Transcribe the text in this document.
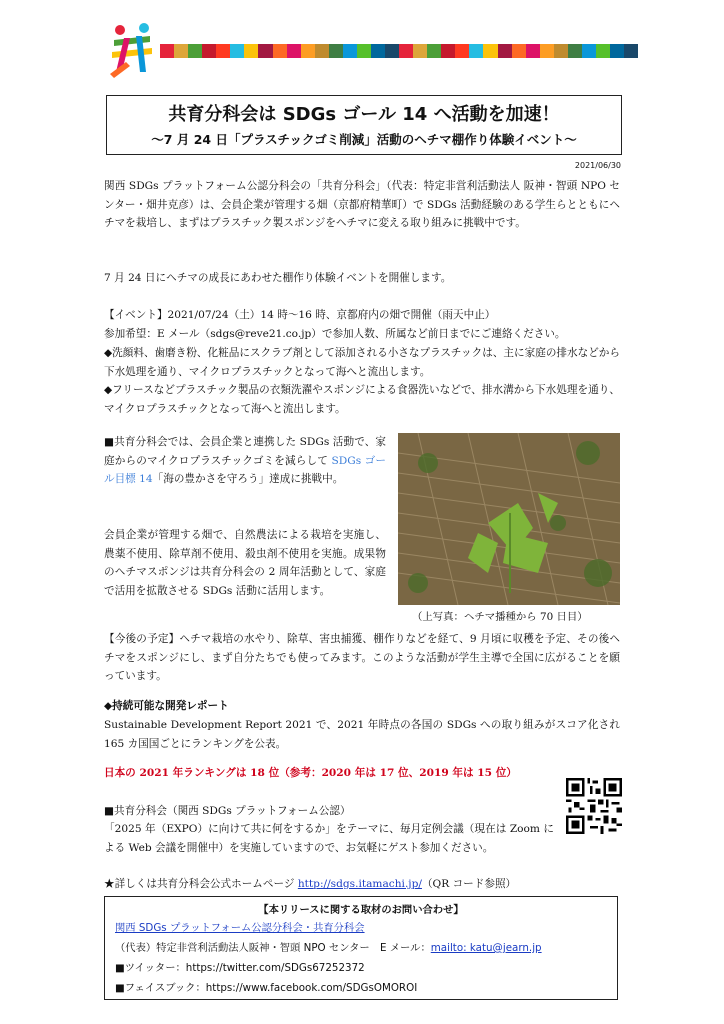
共育分科会は SDGs ゴール 14 へ活動を加速！
～7 月 24 日「プラスチックゴミ削減」活動のヘチマ棚作り体験イベント～
2021/06/30
関西 SDGs プラットフォーム公認分科会の「共育分科会」（代表：特定非営利活動法人 阪神・智頭 NPO センター・畑井克彦）は、会員企業が管理する畑（京都府精華町）で SDGs 活動経験のある学生らとともにヘチマを栽培し、まずはプラスチック製スポンジをヘチマに変える取り組みに挑戦中です。
7 月 24 日にヘチマの成長にあわせた棚作り体験イベントを開催します。
【イベント】2021/07/24（土）14 時～16 時、京都府内の畑で開催（雨天中止）
参加希望：E メール（sdgs@reve21.co.jp）で参加人数、所属など前日までにご連絡ください。
◆洗顔料、歯磨き粉、化粧品にスクラブ剤として添加される小さなプラスチックは、主に家庭の排水などから下水処理を通り、マイクロプラスチックとなって海へと流出します。
◆フリースなどプラスチック製品の衣類洗濯やスポンジによる食器洗いなどで、排水溝から下水処理を通り、マイクロプラスチックとなって海へと流出します。
■共育分科会では、会員企業と連携した SDGs 活動で、家庭からのマイクロプラスチックゴミを減らして SDGs ゴール目標 14「海の豊かさを守ろう」達成に挑戦中。
会員企業が管理する畑で、自然農法による栽培を実施し、農薬不使用、除草剤不使用、殺虫剤不使用を実施。成果物のヘチマスポンジは共育分科会の 2 周年活動として、家庭で活用を拡散させる SDGs 活動に活用します。
（上写真：ヘチマ播種から 70 日目）
【今後の予定】ヘチマ栽培の水やり、除草、害虫捕獲、棚作りなどを経て、9 月頃に収穫を予定、その後ヘチマをスポンジにし、まず自分たちでも使ってみます。このような活動が学生主導で全国に広がることを願っています。
◆持続可能な開発レポート
Sustainable Development Report 2021 で、2021 年時点の各国の SDGs への取り組みがスコア化され 165 カ国国ごとにランキングを公表。
日本の 2021 年ランキングは 18 位（参考：2020 年は 17 位、2019 年は 15 位）
■共育分科会（関西 SDGs プラットフォーム公認）
「2025 年（EXPO）に向けて共に何をするか」をテーマに、毎月定例会議（現在は Zoom による Web 会議を開催中）を実施していますので、お気軽にゲスト参加ください。
★詳しくは共育分科会公式ホームページ http://sdgs.itamachi.jp/（QR コード参照）
【本リリースに関する取材のお問い合わせ】
関西 SDGs プラットフォーム公認分科会・共育分科会
（代表）特定非営利活動法人阪神・智頭 NPO センター　E メール：mailto: katu@jearn.jp
■ツイッター：https://twitter.com/SDGs67252372
■フェイスブック：https://www.facebook.com/SDGsOMOROI
